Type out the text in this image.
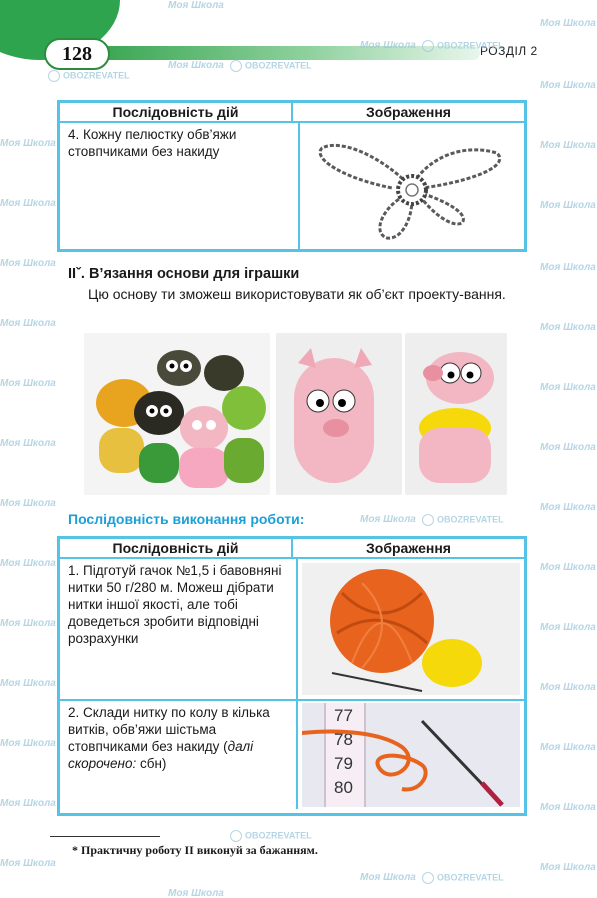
128	РОЗДІЛ 2
Моя Школа
Моя Школа
Моя Школа	OBOZREVATEL
Моя Школа	OBOZREVATEL
OBOZREVATEL
Моя Школа
Моя Школа	Моя Школа
Моя Школа	Моя Школа
Моя Школа	Моя Школа
Моя Школа	Моя Школа
Моя Школа	Моя Школа
Моя Школа	Моя Школа
Моя Школа	Моя Школа
Моя Школа	OBOZREVATEL
Моя Школа	Моя Школа
Моя Школа	Моя Школа
Моя Школа	Моя Школа
Моя Школа	Моя Школа
Моя Школа	Моя Школа
OBOZREVATEL
Моя Школа	Моя Школа
Моя Школа	OBOZREVATEL
Моя Школа
Послідовність дій	Зображення
4. Кожну пелюстку обв’яжи стовпчиками без накиду
IIˇ. В’язання основи для іграшки
Цю основу ти зможеш використовувати як об’єкт проекту-вання.
Послідовність виконання роботи:
Послідовність дій	Зображення
1. Підготуй гачок №1,5 і бавовняні нитки 50 г/280 м. Можеш дібрати нитки іншої якості, але тобі доведеться зробити відповідні розрахунки
2. Склади нитку по колу в кілька витків, обв’яжи шістьма стовпчиками без накиду (далі скорочено: сбн)
77
78
79
80
* Практичну роботу II виконуй за бажанням.
